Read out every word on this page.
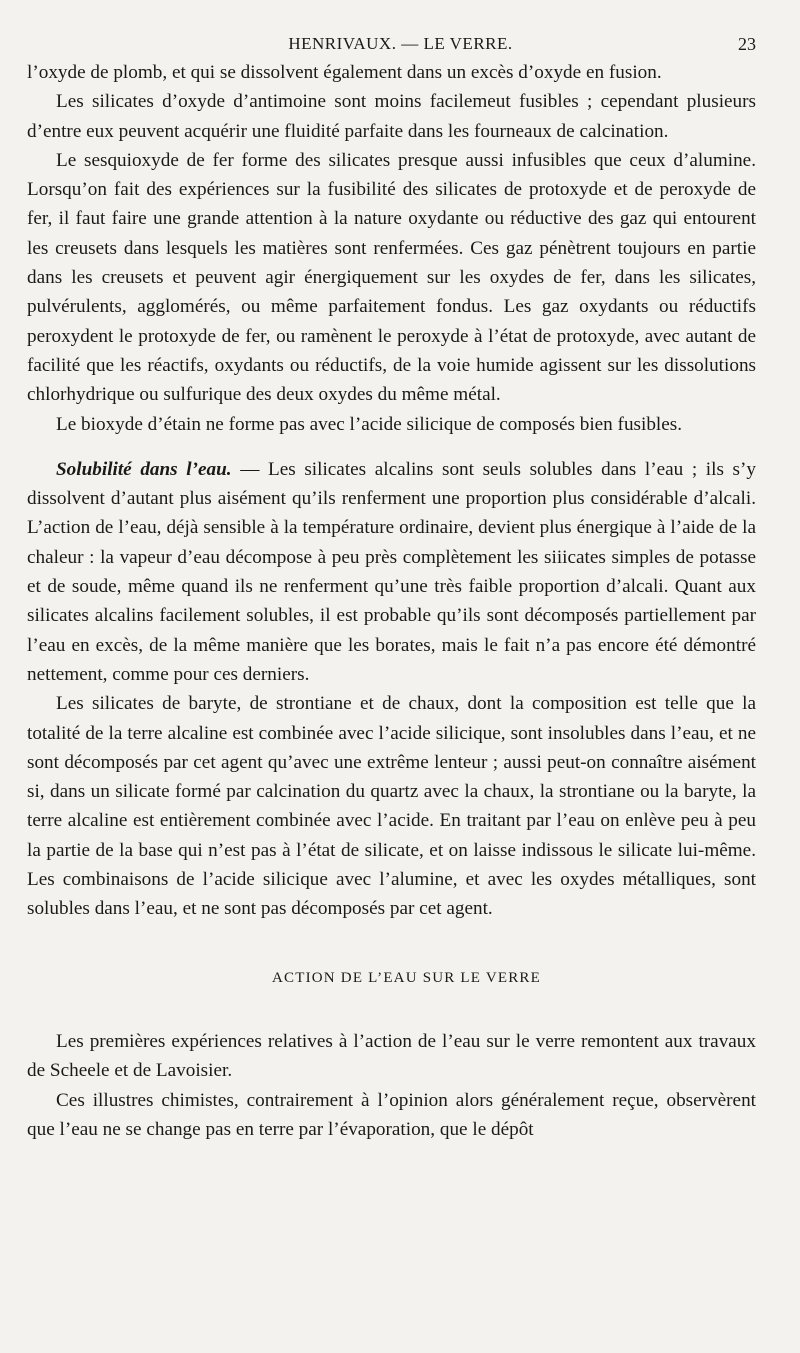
HENRIVAUX. — LE VERRE.	23

l’oxyde de plomb, et qui se dissolvent également dans un excès d’oxyde en fusion.

Les silicates d’oxyde d’antimoine sont moins facilemeut fusibles ; cependant plusieurs d’entre eux peuvent acquérir une fluidité parfaite dans les fourneaux de calcination.

Le sesquioxyde de fer forme des silicates presque aussi infusibles que ceux d’alumine. Lorsqu’on fait des expériences sur la fusibilité des silicates de protoxyde et de peroxyde de fer, il faut faire une grande attention à la nature oxydante ou réductive des gaz qui entourent les creusets dans lesquels les matières sont renfermées. Ces gaz pénètrent toujours en partie dans les creusets et peuvent agir énergiquement sur les oxydes de fer, dans les silicates, pulvérulents, agglomérés, ou même parfaitement fondus. Les gaz oxydants ou réductifs peroxydent le protoxyde de fer, ou ramènent le peroxyde à l’état de protoxyde, avec autant de facilité que les réactifs, oxydants ou réductifs, de la voie humide agissent sur les dissolutions chlorhydrique ou sulfurique des deux oxydes du même métal.

Le bioxyde d’étain ne forme pas avec l’acide silicique de composés bien fusibles.

Solubilité dans l’eau. — Les silicates alcalins sont seuls solubles dans l’eau ; ils s’y dissolvent d’autant plus aisément qu’ils renferment une proportion plus considérable d’alcali. L’action de l’eau, déjà sensible à la température ordinaire, devient plus énergique à l’aide de la chaleur : la vapeur d’eau décompose à peu près complètement les siiicates simples de potasse et de soude, même quand ils ne renferment qu’une très faible proportion d’alcali. Quant aux silicates alcalins facilement solubles, il est probable qu’ils sont décomposés partiellement par l’eau en excès, de la même manière que les borates, mais le fait n’a pas encore été démontré nettement, comme pour ces derniers.

Les silicates de baryte, de strontiane et de chaux, dont la composition est telle que la totalité de la terre alcaline est combinée avec l’acide silicique, sont insolubles dans l’eau, et ne sont décomposés par cet agent qu’avec une extrême lenteur ; aussi peut-on connaître aisément si, dans un silicate formé par calcination du quartz avec la chaux, la strontiane ou la baryte, la terre alcaline est entièrement combinée avec l’acide. En traitant par l’eau on enlève peu à peu la partie de la base qui n’est pas à l’état de silicate, et on laisse indissous le silicate lui-même. Les combinaisons de l’acide silicique avec l’alumine, et avec les oxydes métalliques, sont solubles dans l’eau, et ne sont pas décomposés par cet agent.

ACTION DE L’EAU SUR LE VERRE

Les premières expériences relatives à l’action de l’eau sur le verre remontent aux travaux de Scheele et de Lavoisier.

Ces illustres chimistes, contrairement à l’opinion alors généralement reçue, observèrent que l’eau ne se change pas en terre par l’évaporation, que le dépôt
